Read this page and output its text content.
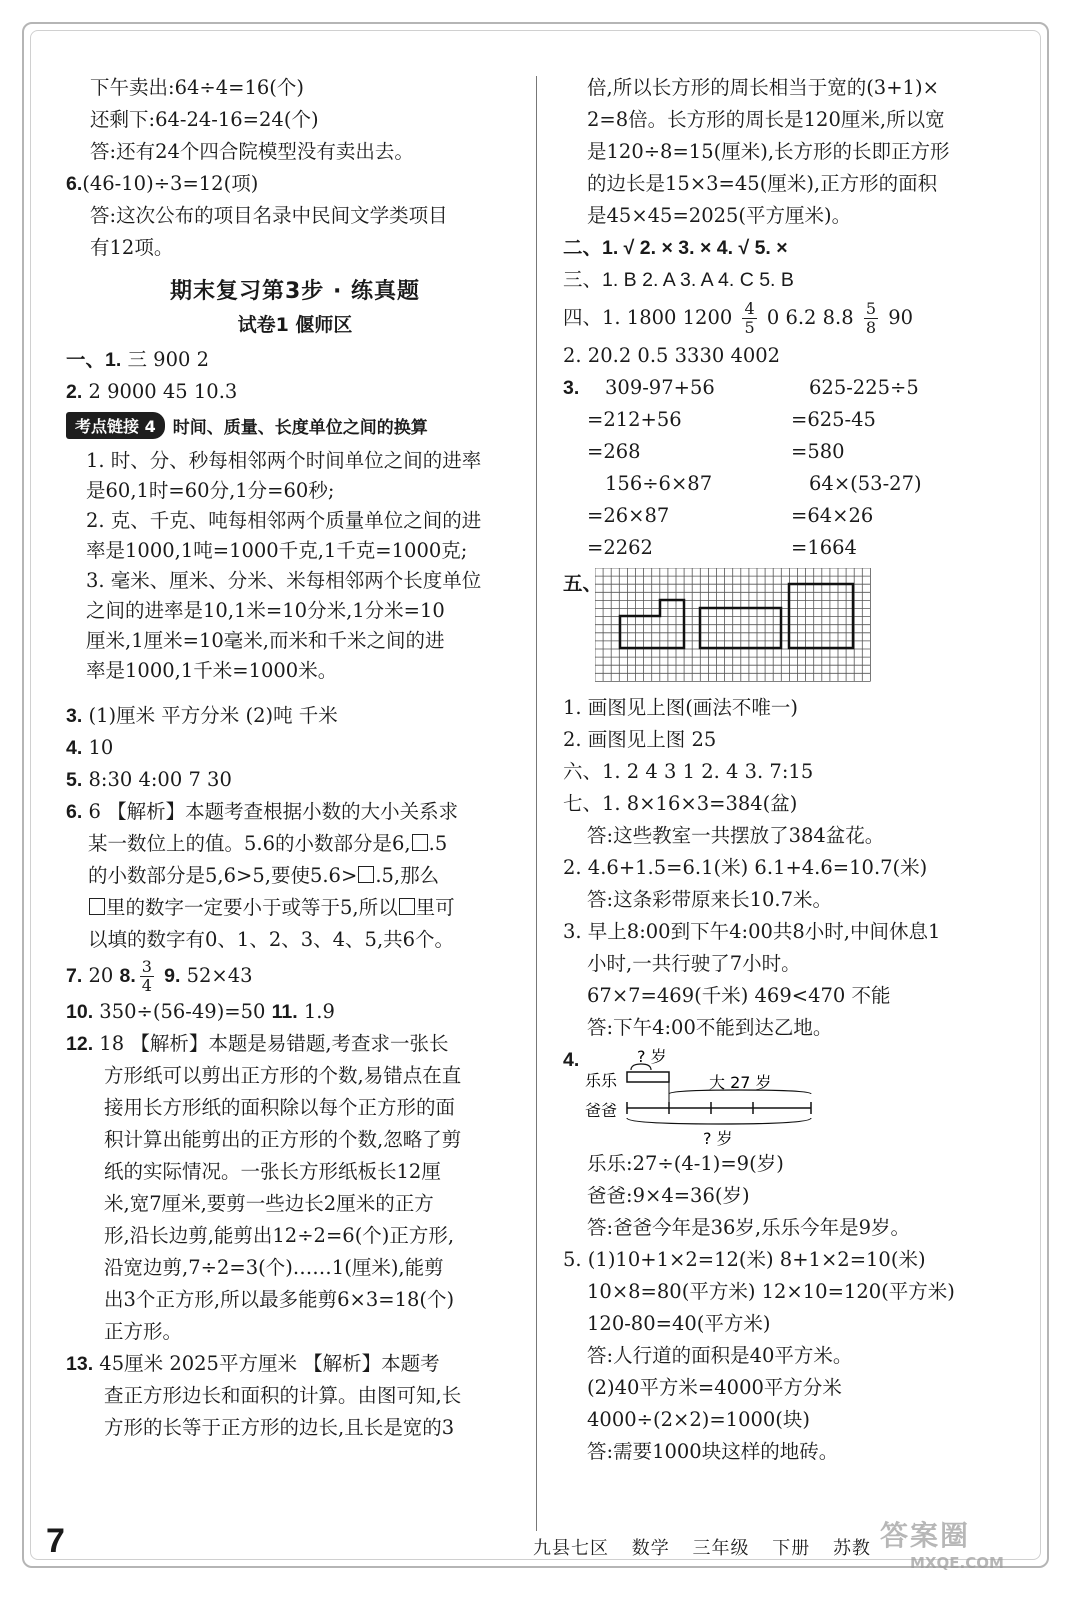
下午卖出:64÷4=16(个)
还剩下:64-24-16=24(个)
答:还有24个四合院模型没有卖出去。
6.(46-10)÷3=12(项)
答:这次公布的项目名录中民间文学类项目
有12项。
期末复习第3步 · 练真题
试卷1 偃师区
一、1. 三 900 2
2. 2 9000 45 10.3
考点链接 4	时间、质量、长度单位之间的换算
1. 时、分、秒每相邻两个时间单位之间的进率
是60,1时=60分,1分=60秒;
2. 克、千克、吨每相邻两个质量单位之间的进
率是1000,1吨=1000千克,1千克=1000克;
3. 毫米、厘米、分米、米每相邻两个长度单位
之间的进率是10,1米=10分米,1分米=10
厘米,1厘米=10毫米,而米和千米之间的进
率是1000,1千米=1000米。
3. (1)厘米 平方分米 (2)吨 千米
4. 10
5. 8:30 4:00 7 30
6. 6 【解析】本题考查根据小数的大小关系求
某一数位上的值。5.6的小数部分是6, .5
的小数部分是5,6>5,要使5.6> .5,那么
里的数字一定要小于或等于5,所以 里可
以填的数字有0、1、2、3、4、5,共6个。
7. 20 8. $\frac{3}{4} 9$. 52×43
10. 350÷(56-49)=50 11. 1.9
12. 18 【解析】本题是易错题,考查求一张长
方形纸可以剪出正方形的个数,易错点在直
接用长方形纸的面积除以每个正方形的面
积计算出能剪出的正方形的个数,忽略了剪
纸的实际情况。一张长方形纸板长12厘
米,宽7厘米,要剪一些边长2厘米的正方
形,沿长边剪,能剪出12÷2=6(个)正方形,
沿宽边剪,7÷2=3(个)……1(厘米),能剪
出3个正方形,所以最多能剪6×3=18(个)
正方形。
13. 45厘米 2025平方厘米 【解析】本题考
查正方形边长和面积的计算。由图可知,长
方形的长等于正方形的边长,且长是宽的3
倍,所以长方形的周长相当于宽的(3+1)×
2=8倍。长方形的周长是120厘米,所以宽
是120÷8=15(厘米),长方形的长即正方形
的边长是15×3=45(厘米),正方形的面积
是45×45=2025(平方厘米)。
二、1. √ 2. × 3. × 4. √ 5. ×
三、1. B 2. A 3. A 4. C 5. B
四、1. 1800 $1200 \frac{4}{5} 0$ 6.2 $8.8 \frac{5}{8} 90$
2. 20.2 0.5 3330 4002
3. 309-97+56	625-225÷5
=212+56	=625-45
=268	=580
156÷6×87	64×(53-27)
=26×87	=64×26
=2262	=1664
五、
1. 画图见上图(画法不唯一)
2. 画图见上图 25
六、1. 2 4 3 1 2. 4 3. 7:15
七、1. 8×16×3=384(盆)
答:这些教室一共摆放了384盆花。
2. 4.6+1.5=6.1(米) 6.1+4.6=10.7(米)
答:这条彩带原来长10.7米。
3. 早上8:00到下午4:00共8小时,中间休息1
小时,一共行驶了7小时。
67×7=469(千米) 469<470 不能
答:下午4:00不能到达乙地。
4.	? 岁
乐乐	大 27 岁
爸爸
? 岁
乐乐:27÷(4-1)=9(岁)
爸爸:9×4=36(岁)
答:爸爸今年是36岁,乐乐今年是9岁。
5. (1)10+1×2=12(米) 8+1×2=10(米)
10×8=80(平方米) 12×10=120(平方米)
120-80=40(平方米)
答:人行道的面积是40平方米。
(2)40平方米=4000平方分米
4000÷(2×2)=1000(块)
答:需要1000块这样的地砖。
7	九县七区 数学 三年级 下册 苏教 答案圈
MXQE.COM
